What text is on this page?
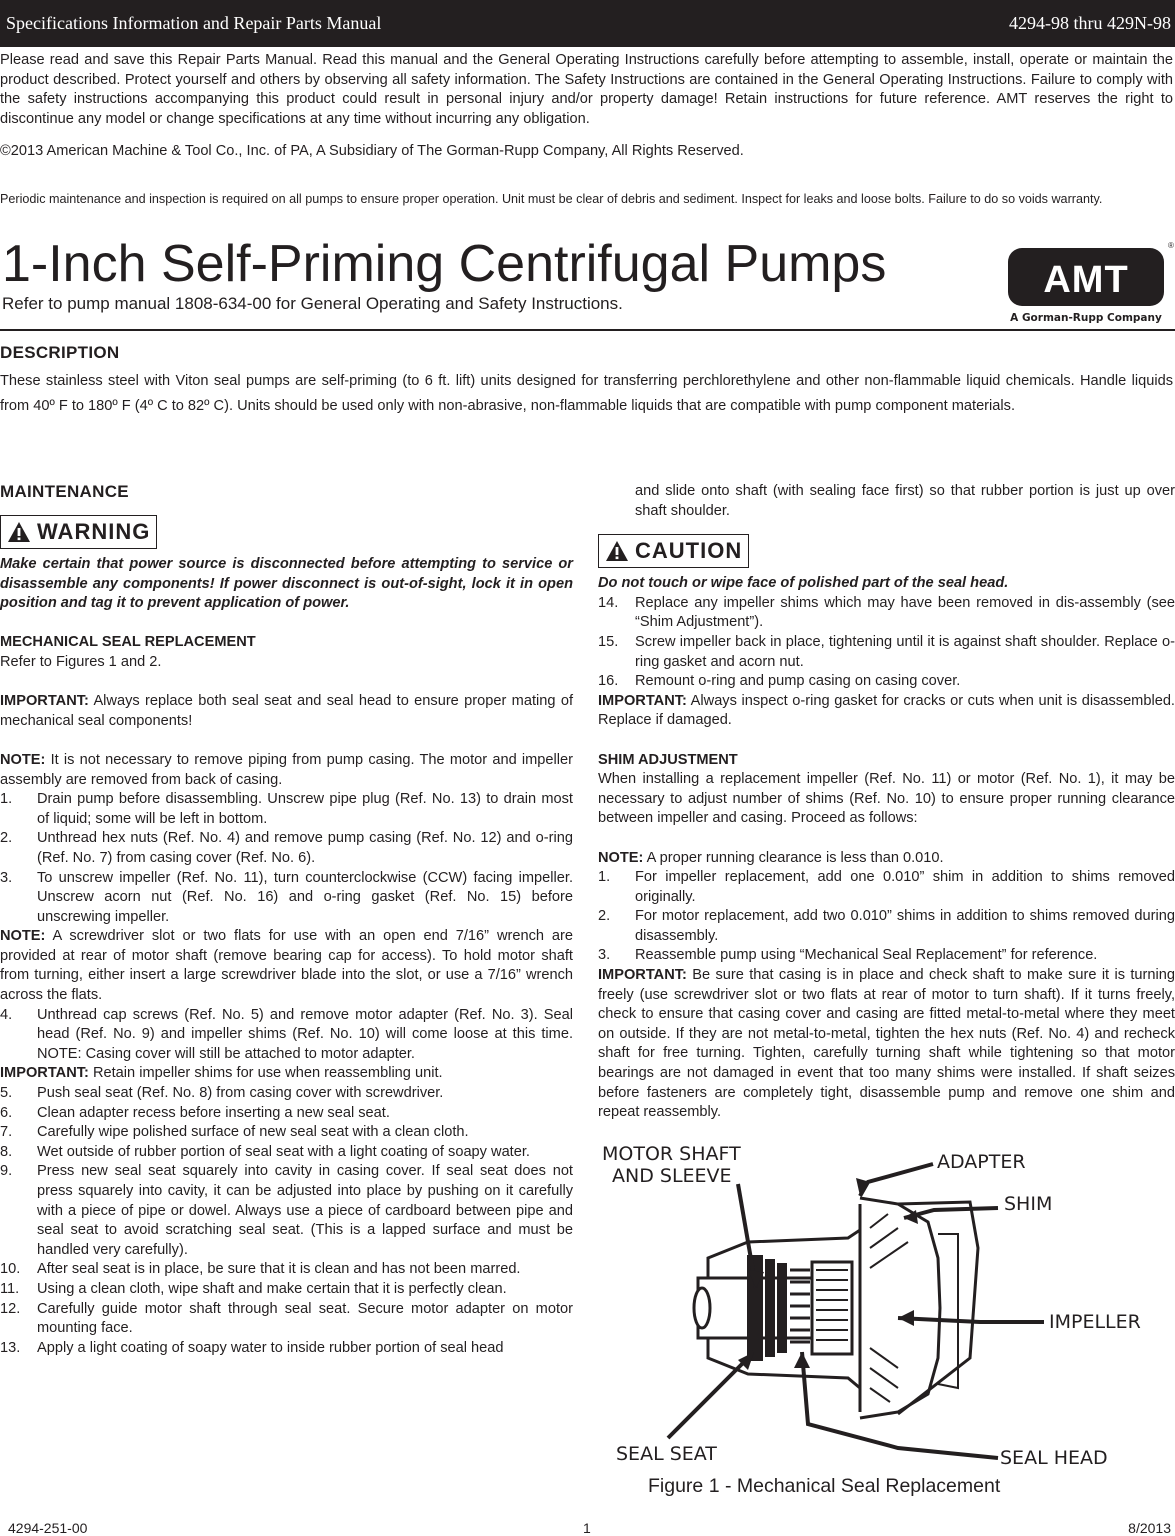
Specifications Information and Repair Parts Manual	4294-98 thru 429N-98

Please read and save this Repair Parts Manual. Read this manual and the General Operating Instructions carefully before attempting to assemble, install, operate or maintain the product described. Protect yourself and others by observing all safety information. The Safety Instructions are contained in the General Operating Instructions. Failure to comply with the safety instructions accompanying this product could result in personal injury and/or property damage! Retain instructions for future reference. AMT reserves the right to discontinue any model or change specifications at any time without incurring any obligation.

©2013 American Machine & Tool Co., Inc. of PA, A Subsidiary of The Gorman-Rupp Company, All Rights Reserved.

Periodic maintenance and inspection is required on all pumps to ensure proper operation. Unit must be clear of debris and sediment. Inspect for leaks and loose bolts. Failure to do so voids warranty.

1-Inch Self-Priming Centrifugal Pumps
Refer to pump manual 1808-634-00 for General Operating and Safety Instructions.
AMT
®
A Gorman-Rupp Company
DESCRIPTION

These stainless steel with Viton seal pumps are self-priming (to 6 ft. lift) units designed for transferring perchlorethylene and other non-flammable liquid chemicals. Handle liquids from 40º F to 180º F (4º C to 82º C). Units should be used only with non-abrasive, non-flammable liquids that are compatible with pump component materials.

MAINTENANCE
WARNING

Make certain that power source is disconnected before attempting to service or disassemble any components! If power disconnect is out-of-sight, lock it in open position and tag it to prevent application of power.

MECHANICAL SEAL REPLACEMENT

Refer to Figures 1 and 2.

IMPORTANT: Always replace both seal seat and seal head to ensure proper mating of mechanical seal components!

NOTE: It is not necessary to remove piping from pump casing. The motor and impeller assembly are removed from back of casing.

1.	Drain pump before disassembling. Unscrew pipe plug (Ref. No. 13) to drain most of liquid; some will be left in bottom.
2.	Unthread hex nuts (Ref. No. 4) and remove pump casing (Ref. No. 12) and o-ring (Ref. No. 7) from casing cover (Ref. No. 6).
3.	To unscrew impeller (Ref. No. 11), turn counterclockwise (CCW) facing impeller. Unscrew acorn nut (Ref. No. 16) and o-ring gasket (Ref. No. 15) before unscrewing impeller.

NOTE: A screwdriver slot or two flats for use with an open end 7/16” wrench are provided at rear of motor shaft (remove bearing cap for access). To hold motor shaft from turning, either insert a large screwdriver blade into the slot, or use a 7/16” wrench across the flats.

4.	Unthread cap screws (Ref. No. 5) and remove motor adapter (Ref. No. 3). Seal head (Ref. No. 9) and impeller shims (Ref. No. 10) will come loose at this time. NOTE: Casing cover will still be attached to motor adapter.

IMPORTANT: Retain impeller shims for use when reassembling unit.

5.	Push seal seat (Ref. No. 8) from casing cover with screwdriver.
6.	Clean adapter recess before inserting a new seal seat.
7.	Carefully wipe polished surface of new seal seat with a clean cloth.
8.	Wet outside of rubber portion of seal seat with a light coating of soapy water.
9.	Press new seal seat squarely into cavity in casing cover. If seal seat does not press squarely into cavity, it can be adjusted into place by pushing on it carefully with a piece of pipe or dowel. Always use a piece of cardboard between pipe and seal seat to avoid scratching seal seat. (This is a lapped surface and must be handled very carefully).
10.	After seal seat is in place, be sure that it is clean and has not been marred.
11.	Using a clean cloth, wipe shaft and make certain that it is perfectly clean.
12.	Carefully guide motor shaft through seal seat. Secure motor adapter on motor mounting face.
13.	Apply a light coating of soapy water to inside rubber portion of seal head
and slide onto shaft (with sealing face first) so that rubber portion is just up over shaft shoulder.
CAUTION

Do not touch or wipe face of polished part of the seal head.

14.	Replace any impeller shims which may have been removed in dis-assembly (see “Shim Adjustment”).
15.	Screw impeller back in place, tightening until it is against shaft shoulder. Replace o-ring gasket and acorn nut.
16.	Remount o-ring and pump casing on casing cover.

IMPORTANT: Always inspect o-ring gasket for cracks or cuts when unit is disassembled. Replace if damaged.

SHIM ADJUSTMENT

When installing a replacement impeller (Ref. No. 11) or motor (Ref. No. 1), it may be necessary to adjust number of shims (Ref. No. 10) to ensure proper running clearance between impeller and casing. Proceed as follows:

NOTE: A proper running clearance is less than 0.010.

1.	For impeller replacement, add one 0.010” shim in addition to shims removed originally.
2.	For motor replacement, add two 0.010” shims in addition to shims removed during disassembly.
3.	Reassemble pump using “Mechanical Seal Replacement” for reference.

IMPORTANT: Be sure that casing is in place and check shaft to make sure it is turning freely (use screwdriver slot or two flats at rear of motor to turn shaft). If it turns freely, check to ensure that casing cover and casing are fitted metal-to-metal where they meet on outside. If they are not metal-to-metal, tighten the hex nuts (Ref. No. 4) and recheck shaft for free turning. Tighten, carefully turning shaft while tightening so that motor bearings are not damaged in event that too many shims were installed. If shaft seizes before fasteners are completely tight, disassemble pump and remove one shim and repeat reassembly.

MOTOR SHAFT
AND SLEEVE
ADAPTER
SHIM
IMPELLER
SEAL SEAT	SEAL HEAD
Figure 1 - Mechanical Seal Replacement
4294-251-00	1	8/2013
